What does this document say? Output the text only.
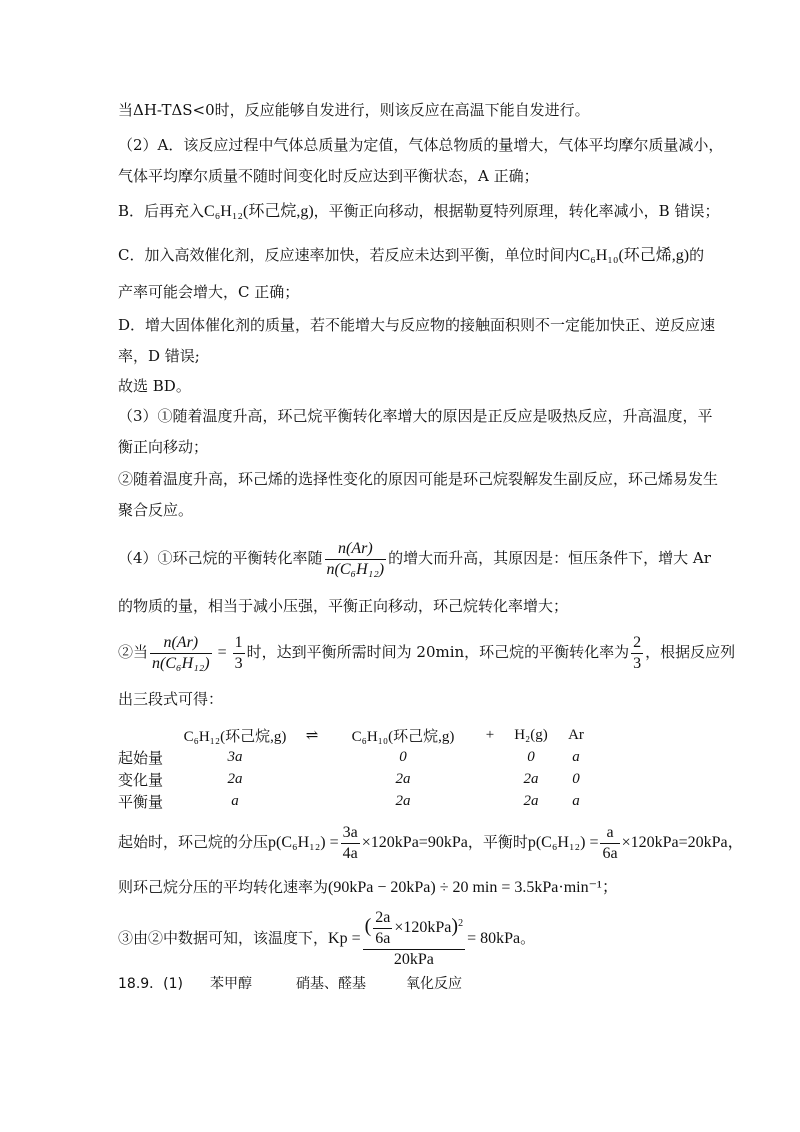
当ΔH-TΔS<0时，反应能够自发进行，则该反应在高温下能自发进行。
（2）A．该反应过程中气体总质量为定值，气体总物质的量增大，气体平均摩尔质量减小，
气体平均摩尔质量不随时间变化时反应达到平衡状态，A 正确；
B．后再充入C₆H₁₂(环己烷,g)，平衡正向移动，根据勒夏特列原理，转化率减小，B 错误；
C．加入高效催化剂，反应速率加快，若反应未达到平衡，单位时间内C₆H₁₀(环己烯,g)的
产率可能会增大，C 正确；
D．增大固体催化剂的质量，若不能增大与反应物的接触面积则不一定能加快正、逆反应速
率，D 错误;
故选 BD。
（3）①随着温度升高，环己烷平衡转化率增大的原因是正反应是吸热反应，升高温度，平
衡正向移动；
②随着温度升高，环己烯的选择性变化的原因可能是环己烷裂解发生副反应，环己烯易发生
聚合反应。
（4）①环己烷的平衡转化率随 $\frac{n(Ar)}{\text{n(C₆H₁₂)}}$ 的增大而升高，其原因是：恒压条件下，增大 Ar
的物质的量，相当于减小压强，平衡正向移动，环己烷转化率增大；
②当 $\frac{n(Ar)}{\text{n(C₆H₁₂)}} = \frac{1}{3}$ 时，达到平衡所需时间为 20min，环己烷的平衡转化率为 $\frac{2}{3}$ ，根据反应列
出三段式可得：
	C₆H₁₂(环己烷,g)	⇌	C₆H₁₀(环己烷,g)	+	H₂(g)	Ar
起始量	3a		0		0	a
变化量	2a		2a		2a	0
平衡量	a		2a		2a	a
起始时，环己烷的分压$p(C_6H_{12}) = \frac{3a}{4a} \times 120kPa=90kPa$，平衡时$p(C_6H_{12}) = \frac{a}{6a} \times 120kPa=20kPa$，
则环己烷分压的平均转化速率为(90kPa − 20kPa) ÷ 20 min = 3.5kPa·min⁻¹；
③由②中数据可知，该温度下，$Kp = \frac{( \frac{2a}{6a} \times 120kPa)^2}{\text{20kPa}} = 80kPa$。
18.9．(1) 苯甲醇	硝基、醛基	氧化反应
